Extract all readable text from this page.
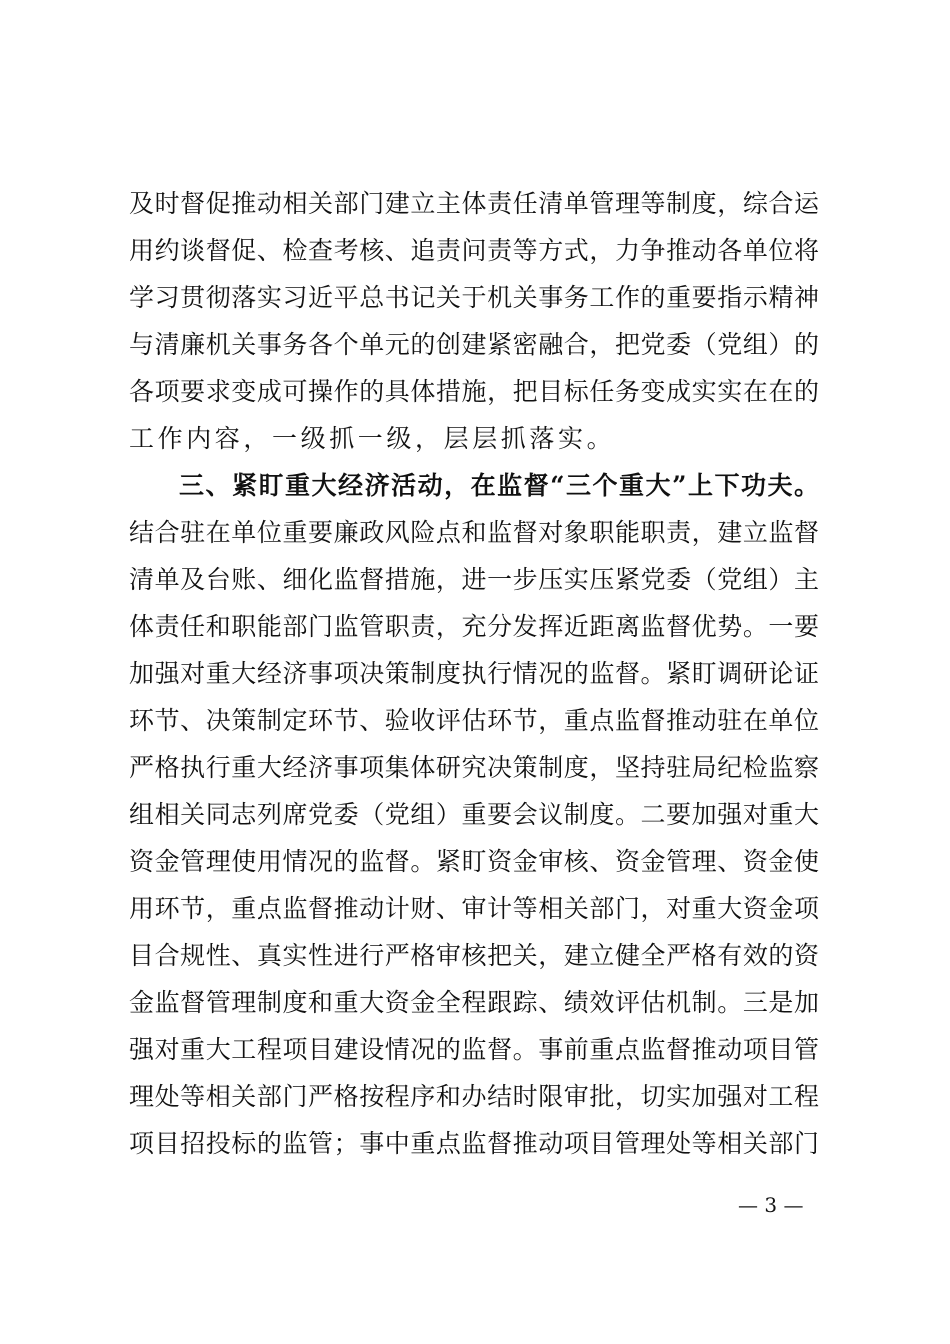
及时督促推动相关部门建立主体责任清单管理等制度，综合运
用约谈督促、检查考核、追责问责等方式，力争推动各单位将
学习贯彻落实习近平总书记关于机关事务工作的重要指示精神
与清廉机关事务各个单元的创建紧密融合，把党委（党组）的
各项要求变成可操作的具体措施，把目标任务变成实实在在的
工作内容，一级抓一级，层层抓落实。
三、紧盯重大经济活动，在监督“三个重大”上下功夫。
结合驻在单位重要廉政风险点和监督对象职能职责，建立监督
清单及台账、细化监督措施，进一步压实压紧党委（党组）主
体责任和职能部门监管职责，充分发挥近距离监督优势。一要
加强对重大经济事项决策制度执行情况的监督。紧盯调研论证
环节、决策制定环节、验收评估环节，重点监督推动驻在单位
严格执行重大经济事项集体研究决策制度，坚持驻局纪检监察
组相关同志列席党委（党组）重要会议制度。二要加强对重大
资金管理使用情况的监督。紧盯资金审核、资金管理、资金使
用环节，重点监督推动计财、审计等相关部门，对重大资金项
目合规性、真实性进行严格审核把关，建立健全严格有效的资
金监督管理制度和重大资金全程跟踪、绩效评估机制。三是加
强对重大工程项目建设情况的监督。事前重点监督推动项目管
理处等相关部门严格按程序和办结时限审批，切实加强对工程
项目招投标的监管；事中重点监督推动项目管理处等相关部门
— 3 —
